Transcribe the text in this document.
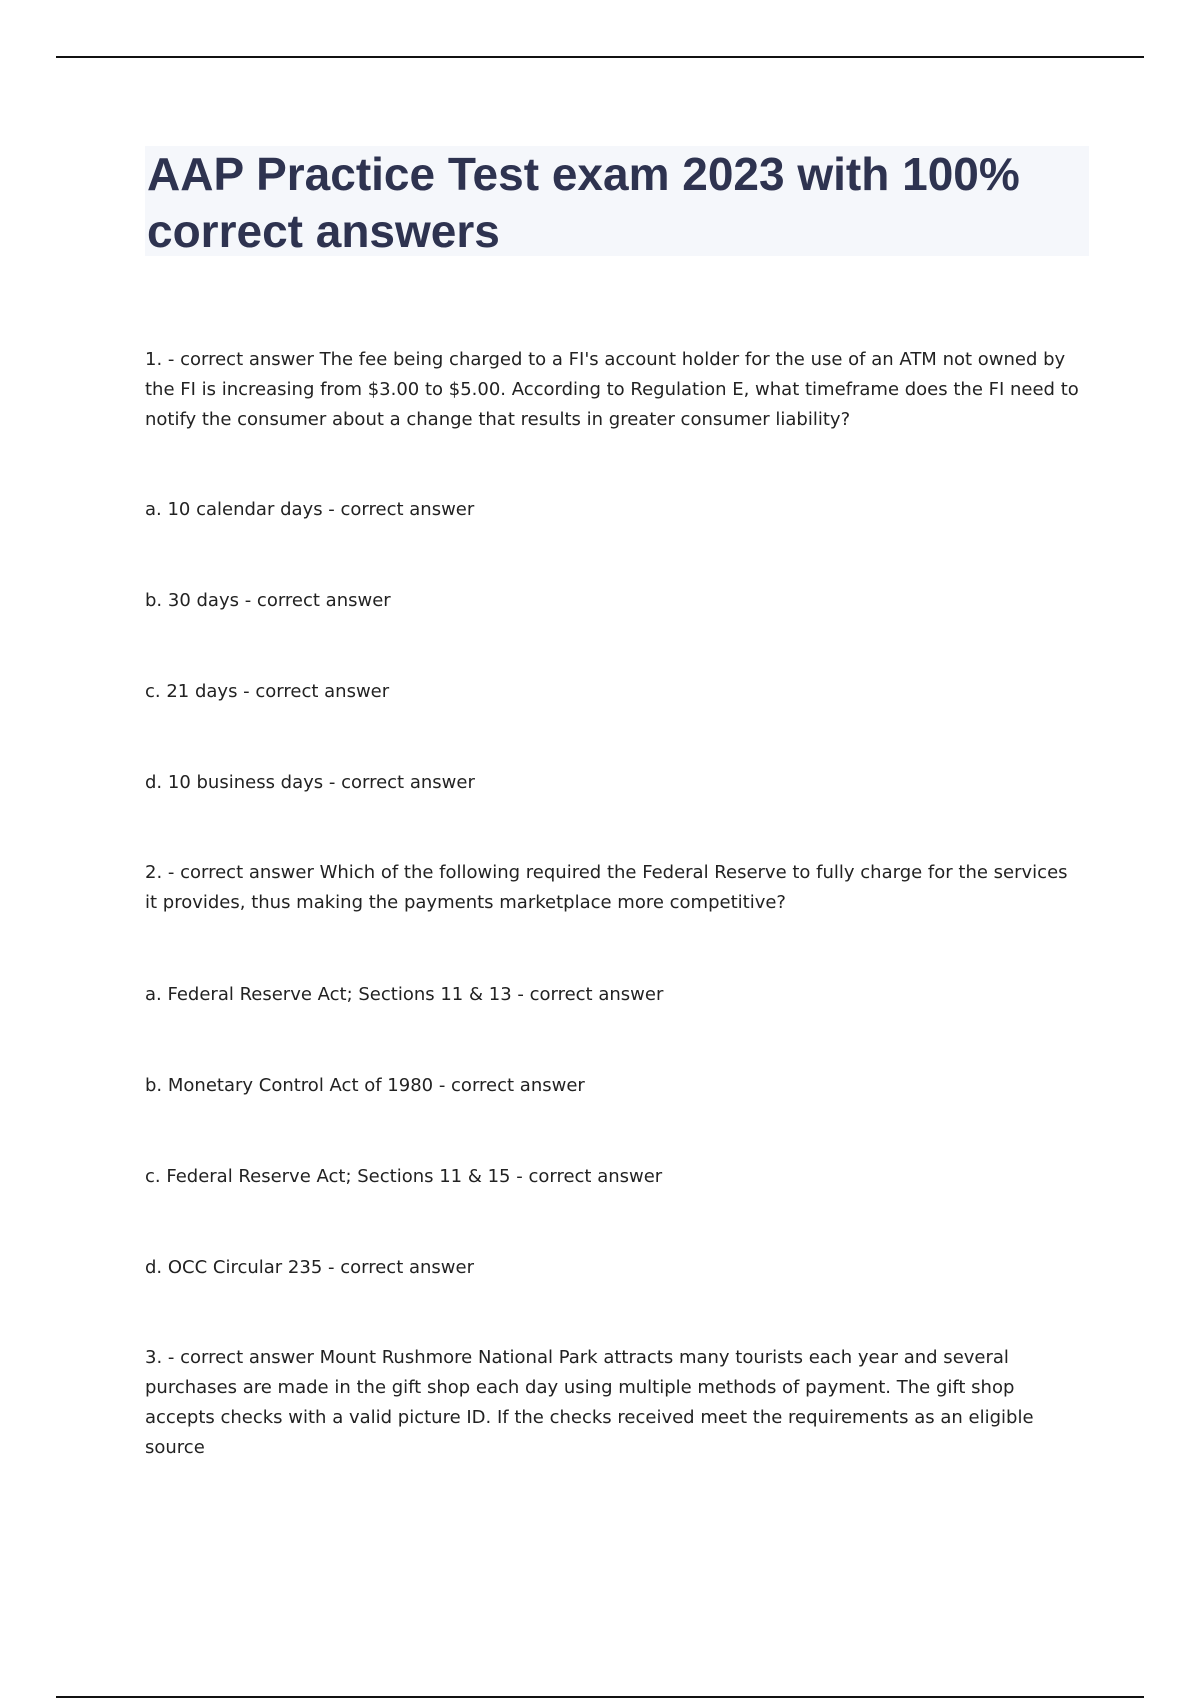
AAP Practice Test exam 2023 with 100% correct answers

1. - correct answer The fee being charged to a FI's account holder for the use of an ATM not owned by the FI is increasing from $3.00 to $5.00. According to Regulation E, what timeframe does the FI need to notify the consumer about a change that results in greater consumer liability?

a. 10 calendar days - correct answer

b. 30 days - correct answer

c. 21 days - correct answer

d. 10 business days - correct answer

2. - correct answer Which of the following required the Federal Reserve to fully charge for the services it provides, thus making the payments marketplace more competitive?

a. Federal Reserve Act; Sections 11 & 13 - correct answer

b. Monetary Control Act of 1980 - correct answer

c. Federal Reserve Act; Sections 11 & 15 - correct answer

d. OCC Circular 235 - correct answer

3. - correct answer Mount Rushmore National Park attracts many tourists each year and several purchases are made in the gift shop each day using multiple methods of payment. The gift shop accepts checks with a valid picture ID. If the checks received meet the requirements as an eligible source
